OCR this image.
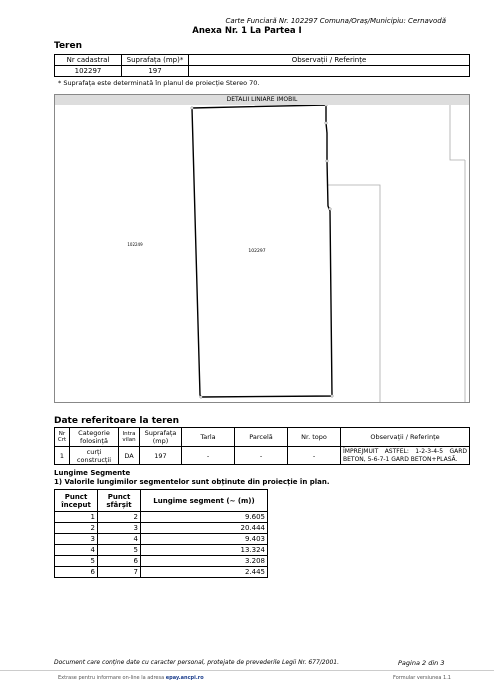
Carte Funciară Nr. 102297 Comuna/Oraș/Municipiu: Cernavodă
Anexa Nr. 1 La Partea I
Teren
Nr cadastral	Suprafața (mp)*	Observații / Referințe
102297	197	
* Suprafața este determinată în planul de proiecție Stereo 70.
DETALII LINIARE IMOBIL
102297
102249
Date referitoare la teren
Nr Crt	Categorie folosință	Intra vilan	Suprafața (mp)	Tarla	Parcelă	Nr. topo	Observații / Referințe
1	curți construcții	DA	197	-	-	-	ÎMPREJMUIT ASTFEL: 1-2-3-4-5 GARD BETON, 5-6-7-1 GARD BETON+PLASĂ.
Lungime Segmente
1) Valorile lungimilor segmentelor sunt obținute din proiecție în plan.
Punct început	Punct sfârșit	Lungime segment (~ (m))
1	2	9.605
2	3	20.444
3	4	9.403
4	5	13.324
5	6	3.208
6	7	2.445
Document care conține date cu caracter personal, protejate de prevederile Legii Nr. 677/2001.	Pagina 2 din 3
Extrase pentru informare on-line la adresa epay.ancpi.ro	Formular versiunea 1.1
